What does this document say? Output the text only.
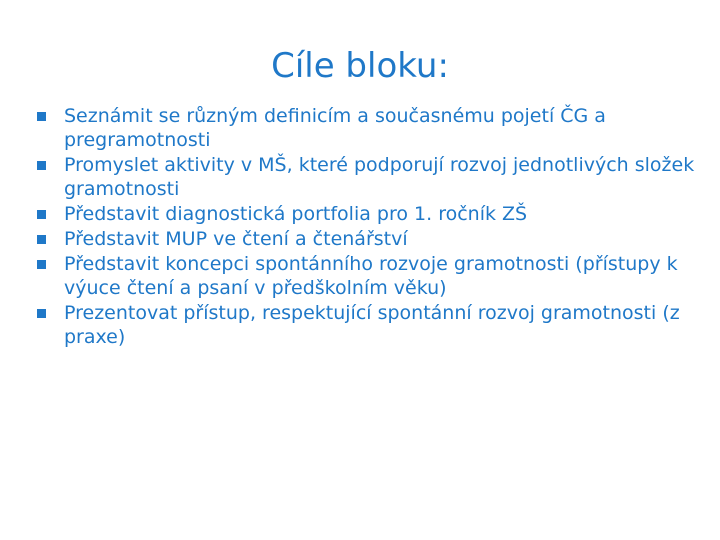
Cíle bloku:
Seznámit se různým definicím a současnému pojetí ČG a pregramotnosti
Promyslet aktivity v MŠ, které podporují rozvoj jednotlivých složek gramotnosti
Představit diagnostická portfolia pro 1. ročník ZŠ
Představit MUP ve čtení a čtenářství
Představit koncepci spontánního rozvoje gramotnosti (přístupy k výuce čtení a psaní v předškolním věku)
Prezentovat přístup, respektující spontánní rozvoj gramotnosti (z praxe)
